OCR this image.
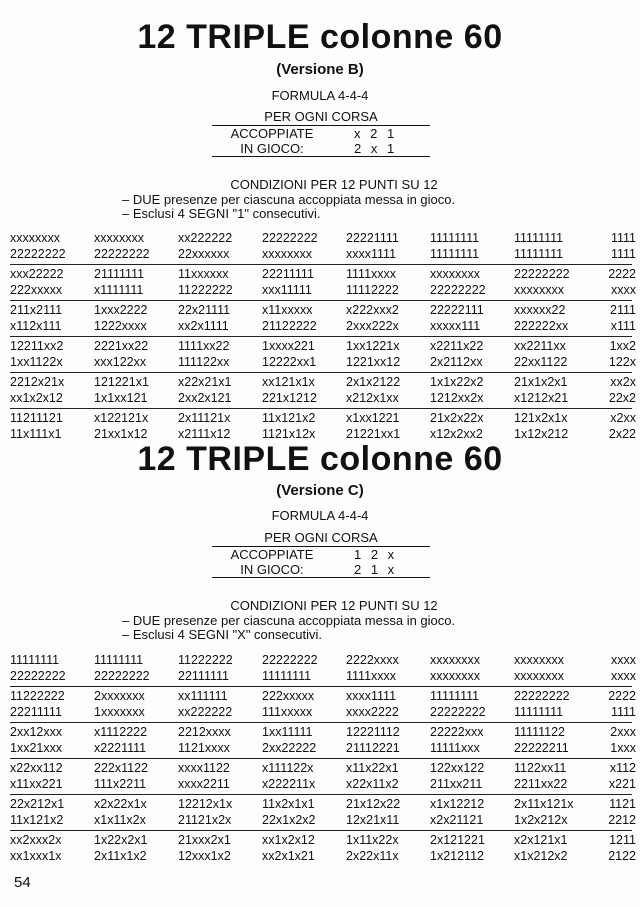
12 TRIPLE colonne 60
(Versione B)
FORMULA 4-4-4
PER OGNI CORSA
ACCOPPIATE	x 2 1
IN GIOCO:	2 x 1
CONDIZIONI PER 12 PUNTI SU 12
– DUE presenze per ciascuna accoppiata messa in gioco.
– Esclusi 4 SEGNI "1" consecutivi.
xxxxxxxx	xxxxxxxx	xx222222	22222222	22221111	11111111	11111111	1111
22222222	22222222	22xxxxxx	xxxxxxxx	xxxx1111	11111111	11111111	1111
xxx22222	21111111	11xxxxxx	22211111	1111xxxx	xxxxxxxx	22222222	2222
222xxxxx	x1111111	11222222	xxx11111	11112222	22222222	xxxxxxxx	xxxx
211x2111	1xxx2222	22x21111	x11xxxxx	x222xxx2	22222111	xxxxxx22	2111
x112x111	1222xxxx	xx2x1111	21122222	2xxx222x	xxxxx111	222222xx	x111
12211xx2	2221xx22	1111xx22	1xxxx221	1xx1221x	x2211x22	xx2211xx	1xx2
1xx1122x	xxx122xx	111122xx	12222xx1	1221xx12	2x2112xx	22xx1122	122x
2212x21x	121221x1	x22x21x1	xx121x1x	2x1x2122	1x1x22x2	21x1x2x1	xx2x
xx1x2x12	1x1xx121	2xx2x121	221x1212	x212x1xx	1212xx2x	x1212x21	22x2
11211121	x122121x	2x11121x	11x121x2	x1xx1221	21x2x22x	121x2x1x	x2xx
11x111x1	21xx1x12	x2111x12	1121x12x	21221xx1	x12x2xx2	1x12x212	2x22
12 TRIPLE colonne 60
(Versione C)
FORMULA 4-4-4
PER OGNI CORSA
ACCOPPIATE	1 2 x
IN GIOCO:	2 1 x
CONDIZIONI PER 12 PUNTI SU 12
– DUE presenze per ciascuna accoppiata messa in gioco.
– Esclusi 4 SEGNI "X" consecutivi.
11111111	11111111	11222222	22222222	2222xxxx	xxxxxxxx	xxxxxxxx	xxxx
22222222	22222222	22111111	11111111	1111xxxx	xxxxxxxx	xxxxxxxx	xxxx
11222222	2xxxxxxx	xx111111	222xxxxx	xxxx1111	11111111	22222222	2222
22211111	1xxxxxxx	xx222222	111xxxxx	xxxx2222	22222222	11111111	1111
2xx12xxx	x1112222	2212xxxx	1xx11111	12221112	22222xxx	11111122	2xxx
1xx21xxx	x2221111	1121xxxx	2xx22222	21112221	11111xxx	22222211	1xxx
x22xx112	222x1122	xxxx1122	x111122x	x11x22x1	122xx122	1122xx11	x112
x11xx221	111x2211	xxxx2211	x222211x	x22x11x2	211xx211	2211xx22	x221
22x212x1	x2x22x1x	12212x1x	11x2x1x1	21x12x22	x1x12212	2x11x121x	1121
11x121x2	x1x11x2x	21121x2x	22x1x2x2	12x21x11	x2x21121	1x2x212x	2212
xx2xxx2x	1x22x2x1	21xxx2x1	xx1x2x12	1x11x22x	2x121221	x2x121x1	1211
xx1xxx1x	2x11x1x2	12xxx1x2	xx2x1x21	2x22x11x	1x212112	x1x212x2	2122
54
